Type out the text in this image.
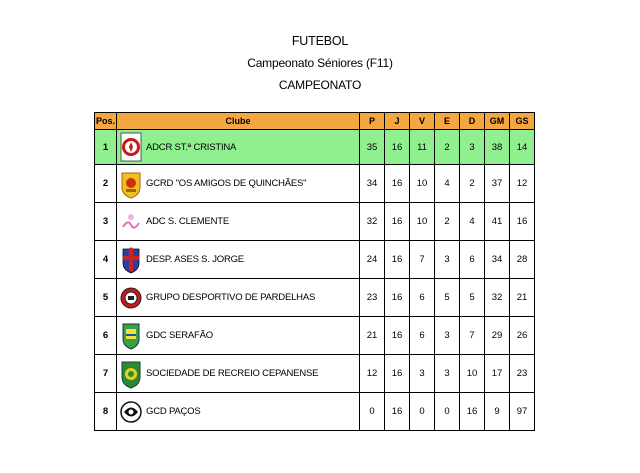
FUTEBOL
Campeonato Séniores (F11)
CAMPEONATO
Pos.	Clube	P	J	V	E	D	GM	GS
1	ADCR ST.ª CRISTINA	35	16	11	2	3	38	14
2	GCRD "OS AMIGOS DE QUINCHÃES"	34	16	10	4	2	37	12
3	ADC S. CLEMENTE	32	16	10	2	4	41	16
4	DESP. ASES S. JORGE	24	16	7	3	6	34	28
5	GRUPO DESPORTIVO DE PARDELHAS	23	16	6	5	5	32	21
6	GDC SERAFÃO	21	16	6	3	7	29	26
7	SOCIEDADE DE RECREIO CEPANENSE	12	16	3	3	10	17	23
8	GCD PAÇOS	0	16	0	0	16	9	97
